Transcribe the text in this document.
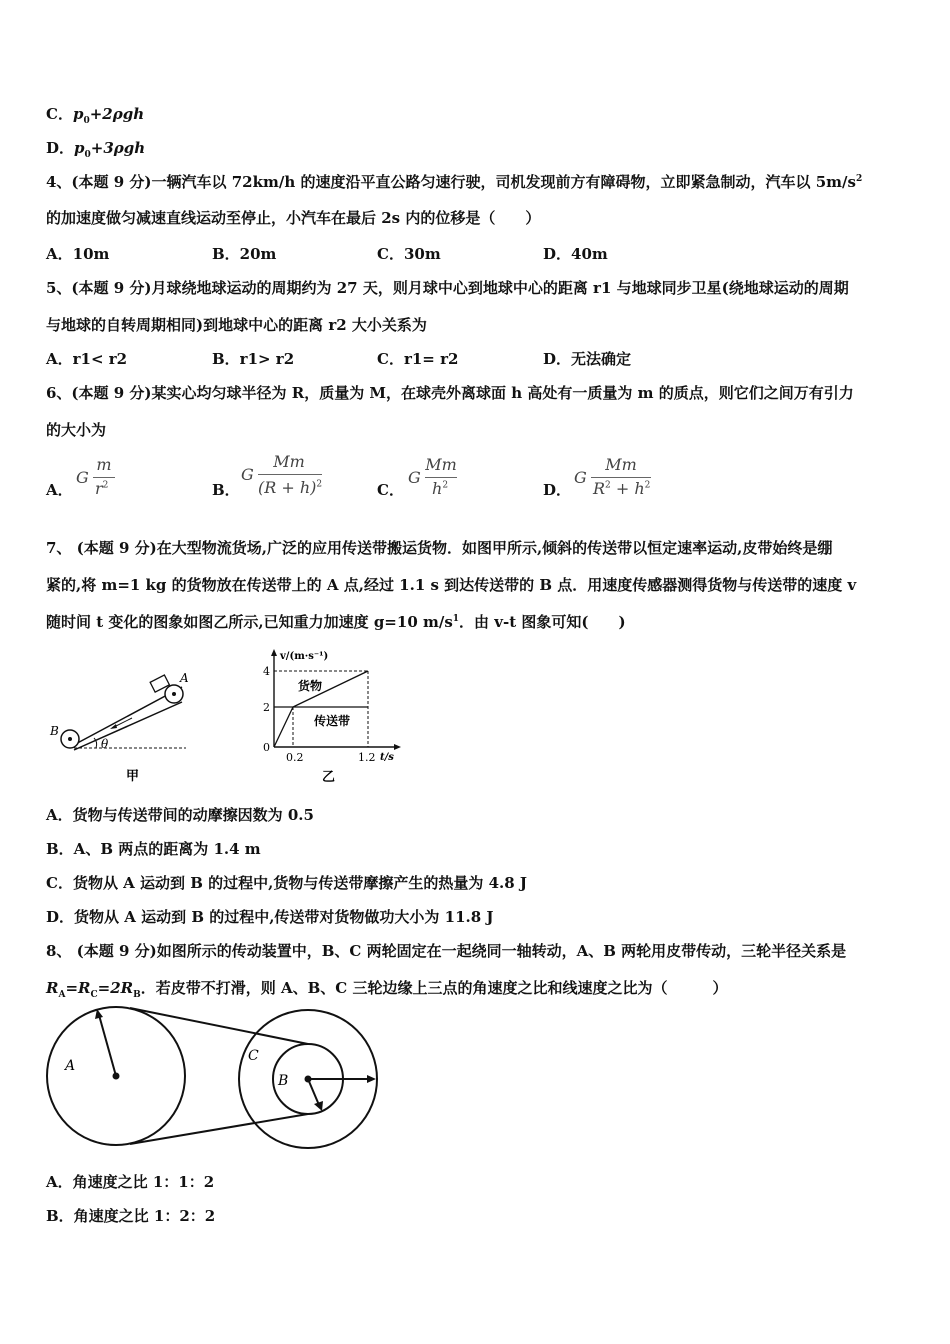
C．$p_0+2\rho gh$
D．$p_0+3\rho gh$
4、(本题 9 分)一辆汽车以 72km/h 的速度沿平直公路匀速行驶，司机发现前方有障碍物，立即紧急制动，汽车以 $5m/s^2$
的加速度做匀减速直线运动至停止，小汽车在最后 2s 内的位移是（　　）
A．10m	B．20m	C．30m	D．40m
5、(本题 9 分)月球绕地球运动的周期约为 27 天，则月球中心到地球中心的距离 r1 与地球同步卫星(绕地球运动的周期
与地球的自转周期相同)到地球中心的距离 r2 大小关系为
A．r1< r2	B．r1> r2	C．r1= r2	D．无法确定
6、(本题 9 分)某实心均匀球半径为 R，质量为 M，在球壳外离球面 h 高处有一质量为 m 的质点，则它们之间万有引力
的大小为
A．
G
m
$r^2$	B．
G
Mm
$(R + h)^2$	C．
G
Mm
$h^2$	D．
G
Mm
$R^2 + h^2$
7、 (本题 9 分)在大型物流货场,广泛的应用传送带搬运货物．如图甲所示,倾斜的传送带以恒定速率运动,皮带始终是绷
紧的,将 m=1 kg 的货物放在传送带上的 A 点,经过 1.1 s 到达传送带的 B 点．用速度传感器测得货物与传送带的速度 v
随时间 t 变化的图象如图乙所示,已知重力加速度 g=10 $m/s^1$．由 v-t 图象可知(　　)
A
B
θ
甲
v/(m·s⁻¹)
t/s
4
2
0
0.2	1.2
货物
传送带
乙
A．货物与传送带间的动摩擦因数为 0.5
B．A、B 两点的距离为 1.4 m
C．货物从 A 运动到 B 的过程中,货物与传送带摩擦产生的热量为 4.8 J
D．货物从 A 运动到 B 的过程中,传送带对货物做功大小为 11.8 J
8、 (本题 9 分)如图所示的传动装置中，B、C 两轮固定在一起绕同一轴转动，A、B 两轮用皮带传动，三轮半径关系是
$R_A=R_C=2R_B$．若皮带不打滑，则 A、B、C 三轮边缘上三点的角速度之比和线速度之比为（　　　）
A
B
C
A．角速度之比 1：1：2
B．角速度之比 1：2：2
